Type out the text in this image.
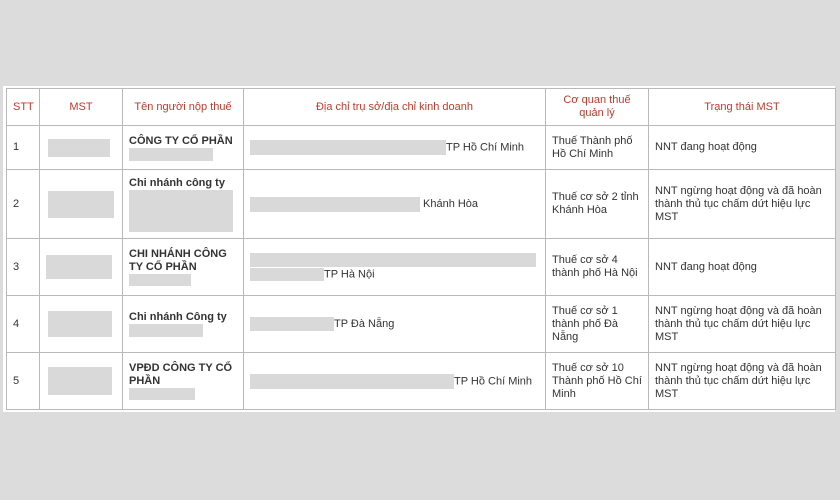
STT	MST	Tên người nộp thuế	Địa chỉ trụ sở/địa chỉ kinh doanh	Cơ quan thuế quản lý	Trạng thái MST
1		CÔNG TY CỔ PHẦN	TP Hồ Chí Minh	Thuế Thành phố Hồ Chí Minh	NNT đang hoạt động
2		Chi nhánh công ty	Khánh Hòa	Thuế cơ sở 2 tỉnh Khánh Hòa	NNT ngừng hoạt động và đã hoàn thành thủ tục chấm dứt hiệu lực MST
3		CHI NHÁNH CÔNG TY CỔ PHẦN	TP Hà Nội	Thuế cơ sở 4 thành phố Hà Nội	NNT đang hoạt động
4		Chi nhánh Công ty	TP Đà Nẵng	Thuế cơ sở 1 thành phố Đà Nẵng	NNT ngừng hoạt động và đã hoàn thành thủ tục chấm dứt hiệu lực MST
5		VPĐD CÔNG TY CỔ PHẦN	TP Hồ Chí Minh	Thuế cơ sở 10 Thành phố Hồ Chí Minh	NNT ngừng hoạt động và đã hoàn thành thủ tục chấm dứt hiệu lực MST
